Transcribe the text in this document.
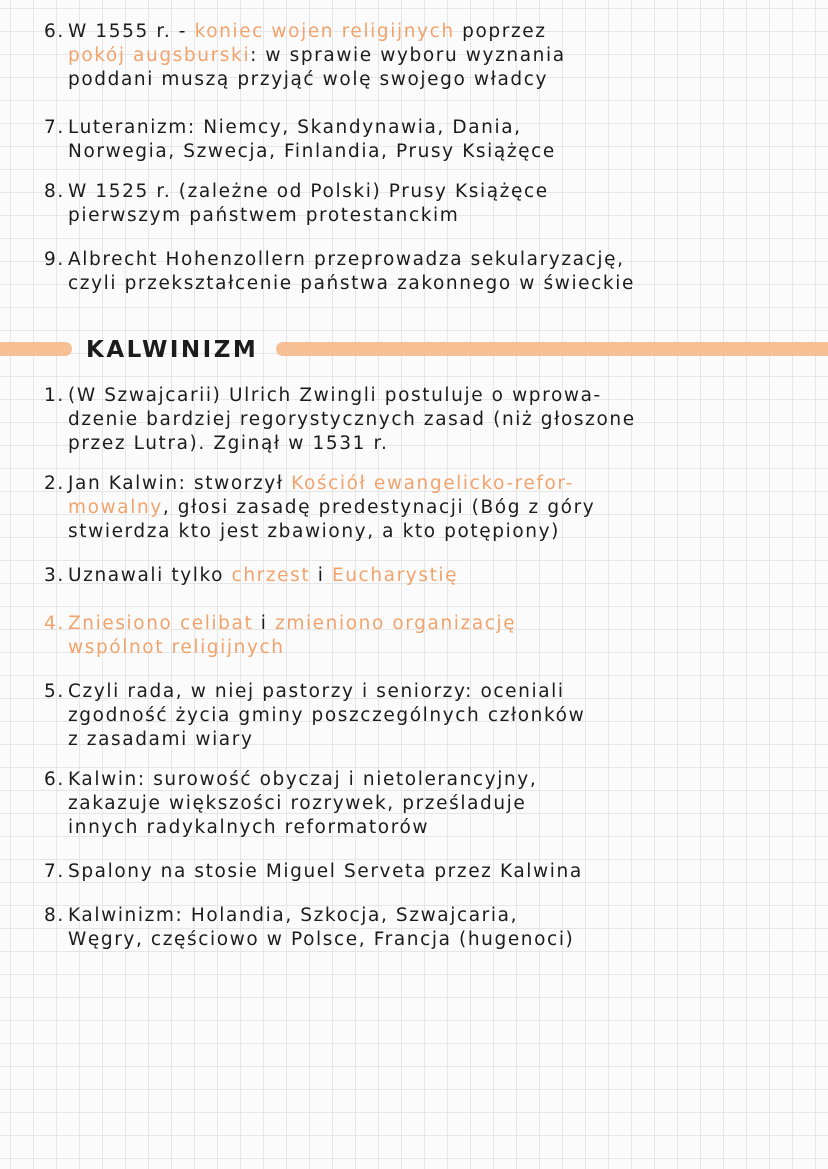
6. W 1555 r. - koniec wojen religijnych poprzez
pokój augsburski: w sprawie wyboru wyznania
poddani muszą przyjąć wolę swojego władcy
7. Luteranizm: Niemcy, Skandynawia, Dania,
Norwegia, Szwecja, Finlandia, Prusy Książęce
8. W 1525 r. (zależne od Polski) Prusy Książęce
pierwszym państwem protestanckim
9. Albrecht Hohenzollern przeprowadza sekularyzację,
czyli przekształcenie państwa zakonnego w świeckie
KALWINIZM
1. (W Szwajcarii) Ulrich Zwingli postuluje o wprowa-
dzenie bardziej regorystycznych zasad (niż głoszone
przez Lutra). Zginął w 1531 r.
2. Jan Kalwin: stworzył Kościół ewangelicko-refor-
mowalny, głosi zasadę predestynacji (Bóg z góry
stwierdza kto jest zbawiony, a kto potępiony)
3. Uznawali tylko chrzest i Eucharystię
4. Zniesiono celibat i zmieniono organizację
wspólnot religijnych
5. Czyli rada, w niej pastorzy i seniorzy: oceniali
zgodność życia gminy poszczególnych członków
z zasadami wiary
6. Kalwin: surowość obyczaj i nietolerancyjny,
zakazuje większości rozrywek, prześladuje
innych radykalnych reformatorów
7. Spalony na stosie Miguel Serveta przez Kalwina
8. Kalwinizm: Holandia, Szkocja, Szwajcaria,
Węgry, częściowo w Polsce, Francja (hugenoci)
